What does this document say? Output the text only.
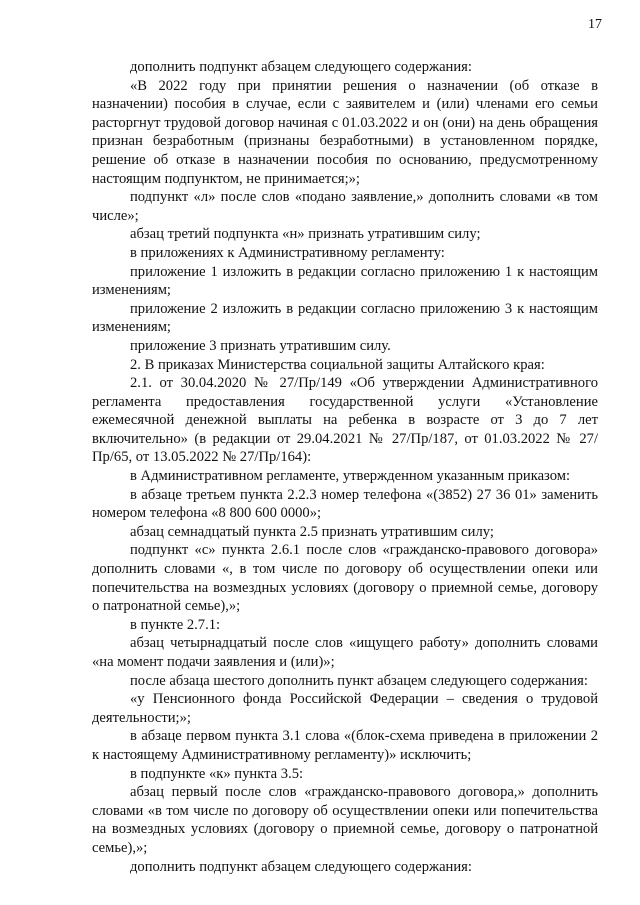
17

дополнить подпункт абзацем следующего содержания:

«В 2022 году при принятии решения о назначении (об отказе в назначении) пособия в случае, если с заявителем и (или) членами его семьи расторгнут трудовой договор начиная с 01.03.2022 и он (они) на день обращения признан безработным (признаны безработными) в установленном порядке, решение об отказе в назначении пособия по основанию, предусмотренному настоящим подпунктом, не принимается;»;

подпункт «л» после слов «подано заявление,» дополнить словами «в том числе»;

абзац третий подпункта «н» признать утратившим силу;

в приложениях к Административному регламенту:

приложение 1 изложить в редакции согласно приложению 1 к настоящим изменениям;

приложение 2 изложить в редакции согласно приложению 3 к настоящим изменениям;

приложение 3 признать утратившим силу.

2. В приказах Министерства социальной защиты Алтайского края:

2.1. от 30.04.2020 № 27/Пр/149 «Об утверждении Административного регламента предоставления государственной услуги «Установление ежемесячной денежной выплаты на ребенка в возрасте от 3 до 7 лет включительно» (в редакции от 29.04.2021 № 27/Пр/187, от 01.03.2022 № 27/Пр/65, от 13.05.2022 № 27/Пр/164):

в Административном регламенте, утвержденном указанным приказом:

в абзаце третьем пункта 2.2.3 номер телефона «(3852) 27 36 01» заменить номером телефона «8 800 600 0000»;

абзац семнадцатый пункта 2.5 признать утратившим силу;

подпункт «с» пункта 2.6.1 после слов «гражданско-правового договора» дополнить словами «, в том числе по договору об осуществлении опеки или попечительства на возмездных условиях (договору о приемной семье, договору о патронатной семье),»;

в пункте 2.7.1:

абзац четырнадцатый после слов «ищущего работу» дополнить словами «на момент подачи заявления и (или)»;

после абзаца шестого дополнить пункт абзацем следующего содержания:

«у Пенсионного фонда Российской Федерации – сведения о трудовой деятельности;»;

в абзаце первом пункта 3.1 слова «(блок-схема приведена в приложении 2 к настоящему Административному регламенту)» исключить;

в подпункте «к» пункта 3.5:

абзац первый после слов «гражданско-правового договора,» дополнить словами «в том числе по договору об осуществлении опеки или попечительства на возмездных условиях (договору о приемной семье, договору о патронатной семье),»;

дополнить подпункт абзацем следующего содержания:
